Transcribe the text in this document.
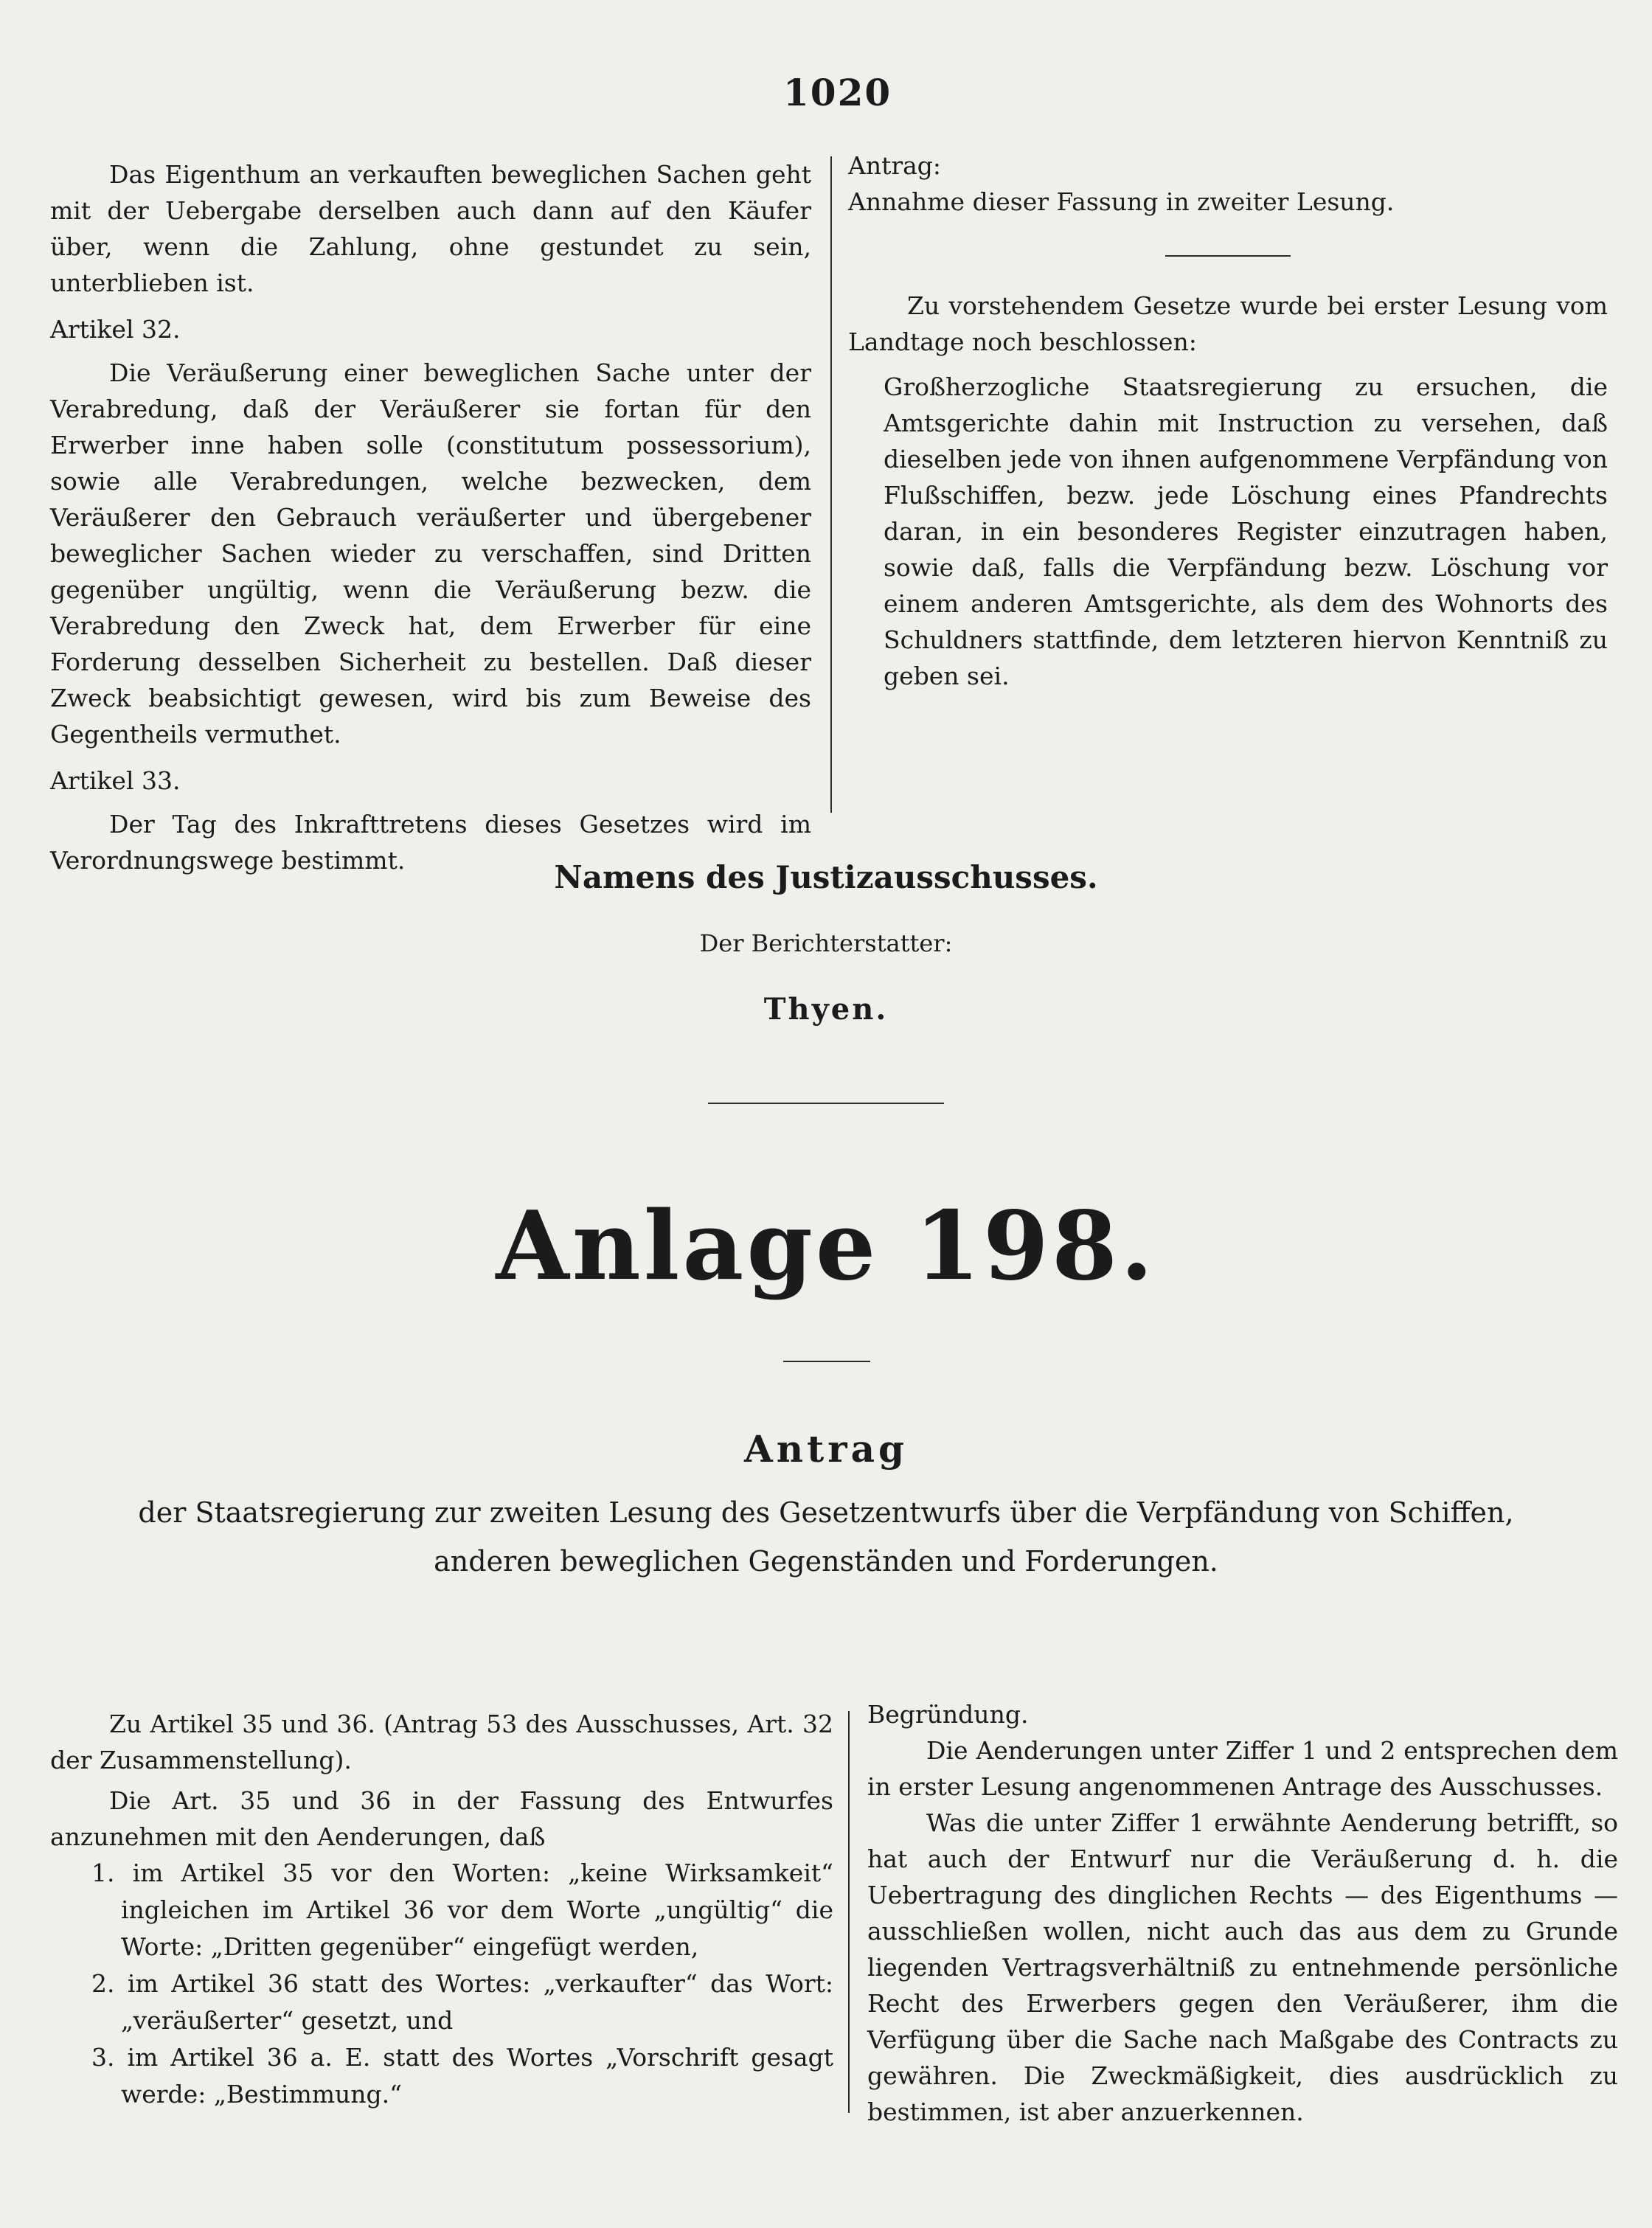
1020

Das Eigenthum an verkauften beweglichen Sachen geht mit der Uebergabe derselben auch dann auf den Käufer über, wenn die Zahlung, ohne gestundet zu sein, unterblieben ist.

Artikel 32.

Die Veräußerung einer beweglichen Sache unter der Verabredung, daß der Veräußerer sie fortan für den Erwerber inne haben solle (constitutum possessorium), sowie alle Verabredungen, welche bezwecken, dem Veräußerer den Gebrauch veräußerter und übergebener beweglicher Sachen wieder zu verschaffen, sind Dritten gegenüber ungültig, wenn die Veräußerung bezw. die Verabredung den Zweck hat, dem Erwerber für eine Forderung desselben Sicherheit zu bestellen. Daß dieser Zweck beabsichtigt gewesen, wird bis zum Beweise des Gegentheils vermuthet.

Artikel 33.

Der Tag des Inkrafttretens dieses Gesetzes wird im Verordnungswege bestimmt.

Antrag:

Annahme dieser Fassung in zweiter Lesung.

Zu vorstehendem Gesetze wurde bei erster Lesung vom Landtage noch beschlossen:

Großherzogliche Staatsregierung zu ersuchen, die Amtsgerichte dahin mit Instruction zu versehen, daß dieselben jede von ihnen aufgenommene Verpfändung von Flußschiffen, bezw. jede Löschung eines Pfandrechts daran, in ein besonderes Register einzutragen haben, sowie daß, falls die Verpfändung bezw. Löschung vor einem anderen Amtsgerichte, als dem des Wohnorts des Schuldners stattfinde, dem letzteren hiervon Kenntniß zu geben sei.

Namens des Justizausschusses.
Der Berichterstatter:
Thyen.
Anlage 198.
Antrag
der Staatsregierung zur zweiten Lesung des Gesetzentwurfs über die Verpfändung von Schiffen, anderen beweglichen Gegenständen und Forderungen.

Zu Artikel 35 und 36. (Antrag 53 des Ausschusses, Art. 32 der Zusammenstellung).

Die Art. 35 und 36 in der Fassung des Entwurfes anzunehmen mit den Aenderungen, daß

1. im Artikel 35 vor den Worten: „keine Wirksamkeit“ ingleichen im Artikel 36 vor dem Worte „ungültig“ die Worte: „Dritten gegenüber“ eingefügt werden,
2. im Artikel 36 statt des Wortes: „verkaufter“ das Wort: „veräußerter“ gesetzt, und
3. im Artikel 36 a. E. statt des Wortes „Vorschrift gesagt werde: „Bestimmung.“

Begründung.

Die Aenderungen unter Ziffer 1 und 2 entsprechen dem in erster Lesung angenommenen Antrage des Ausschusses.

Was die unter Ziffer 1 erwähnte Aenderung betrifft, so hat auch der Entwurf nur die Veräußerung d. h. die Uebertragung des dinglichen Rechts — des Eigenthums — ausschließen wollen, nicht auch das aus dem zu Grunde liegenden Vertragsverhältniß zu entnehmende persönliche Recht des Erwerbers gegen den Veräußerer, ihm die Verfügung über die Sache nach Maßgabe des Contracts zu gewähren. Die Zweckmäßigkeit, dies ausdrücklich zu bestimmen, ist aber anzuerkennen.
